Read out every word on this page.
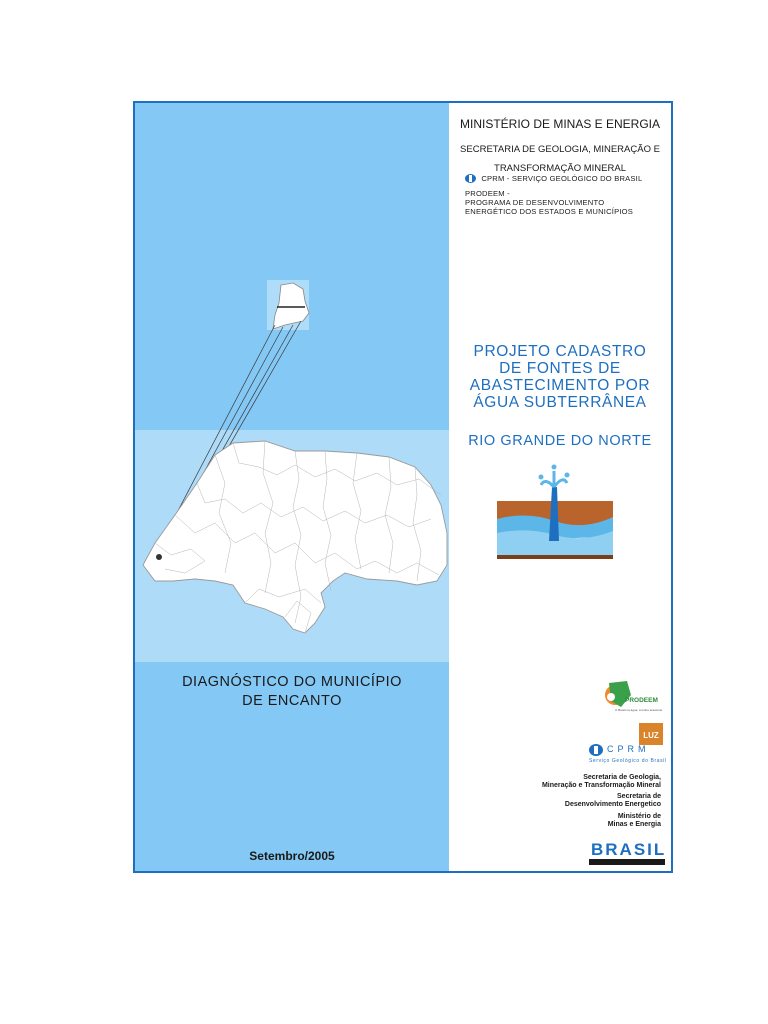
DIAGNÓSTICO DO MUNICÍPIO
DE ENCANTO
Setembro/2005
MINISTÉRIO DE MINAS E ENERGIA
SECRETARIA DE GEOLOGIA, MINERAÇÃO E
TRANSFORMAÇÃO MINERAL
CPRM - SERVIÇO GEOLÓGICO DO BRASIL
PRODEEM -
PROGRAMA DE DESENVOLVIMENTO
ENERGÉTICO DOS ESTADOS E MUNICÍPIOS
PROJETO CADASTRO
DE FONTES DE
ABASTECIMENTO POR
ÁGUA SUBTERRÂNEA
RIO GRANDE DO NORTE
PRODEEM
O Brasil na água, a todos acessível
LUZ
CPRM
Serviço Geológico do Brasil
Secretaria de Geologia,
Mineração e Transformação Mineral
Secretaria de
Desenvolvimento Energetico
Ministério de
Minas e Energia
BRASIL
